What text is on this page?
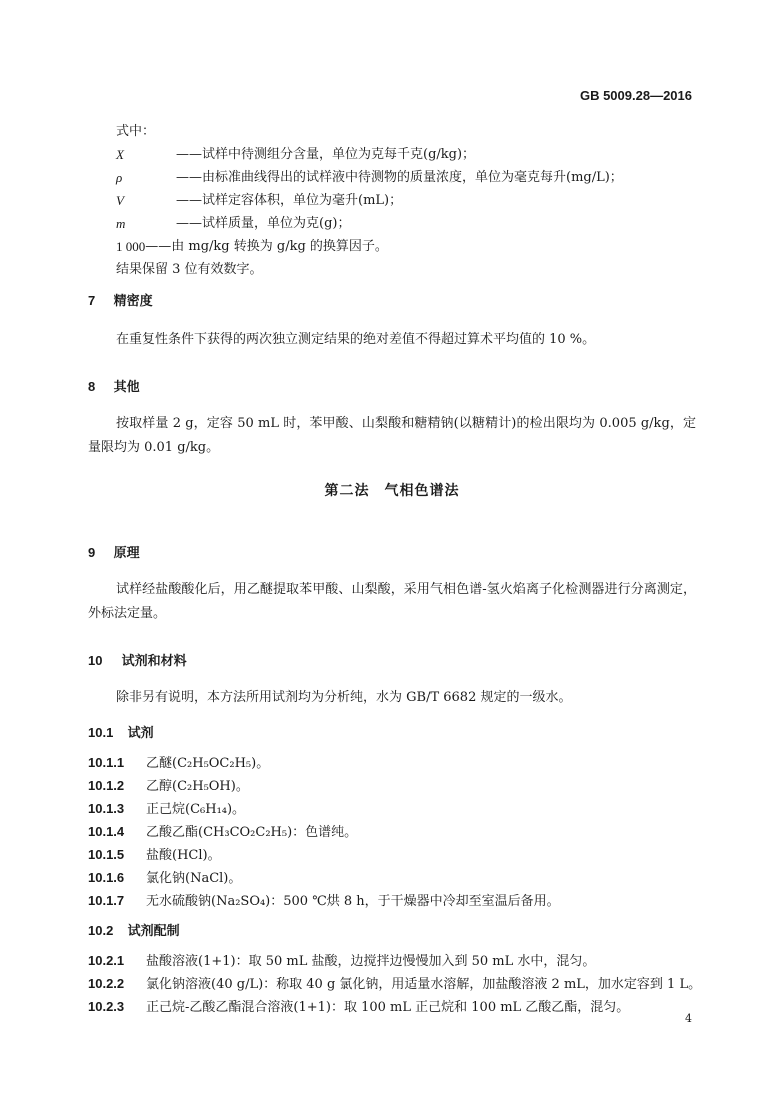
GB 5009.28—2016
式中：
X	——试样中待测组分含量，单位为克每千克(g/kg)；
ρ	——由标准曲线得出的试样液中待测物的质量浓度，单位为毫克每升(mg/L)；
V	——试样定容体积，单位为毫升(mL)；
m	——试样质量，单位为克(g)；
1 000 ——由 mg/kg 转换为 g/kg 的换算因子。
结果保留 3 位有效数字。
7 精密度
在重复性条件下获得的两次独立测定结果的绝对差值不得超过算术平均值的 10 %。
8 其他
按取样量 2 g，定容 50 mL 时，苯甲酸、山梨酸和糖精钠(以糖精计)的检出限均为 0.005 g/kg，定量限均为 0.01 g/kg。
第二法　气相色谱法
9 原理
试样经盐酸酸化后，用乙醚提取苯甲酸、山梨酸，采用气相色谱-氢火焰离子化检测器进行分离测定，外标法定量。
10 试剂和材料
除非另有说明，本方法所用试剂均为分析纯，水为 GB/T 6682 规定的一级水。
10.1 试剂
10.1.1 乙醚(C₂H₅OC₂H₅)。
10.1.2 乙醇(C₂H₅OH)。
10.1.3 正己烷(C₆H₁₄)。
10.1.4 乙酸乙酯(CH₃CO₂C₂H₅)：色谱纯。
10.1.5 盐酸(HCl)。
10.1.6 氯化钠(NaCl)。
10.1.7 无水硫酸钠(Na₂SO₄)：500 ℃烘 8 h，于干燥器中冷却至室温后备用。
10.2 试剂配制
10.2.1 盐酸溶液(1+1)：取 50 mL 盐酸，边搅拌边慢慢加入到 50 mL 水中，混匀。
10.2.2 氯化钠溶液(40 g/L)：称取 40 g 氯化钠，用适量水溶解，加盐酸溶液 2 mL，加水定容到 1 L。
10.2.3 正己烷-乙酸乙酯混合溶液(1+1)：取 100 mL 正己烷和 100 mL 乙酸乙酯，混匀。
4
